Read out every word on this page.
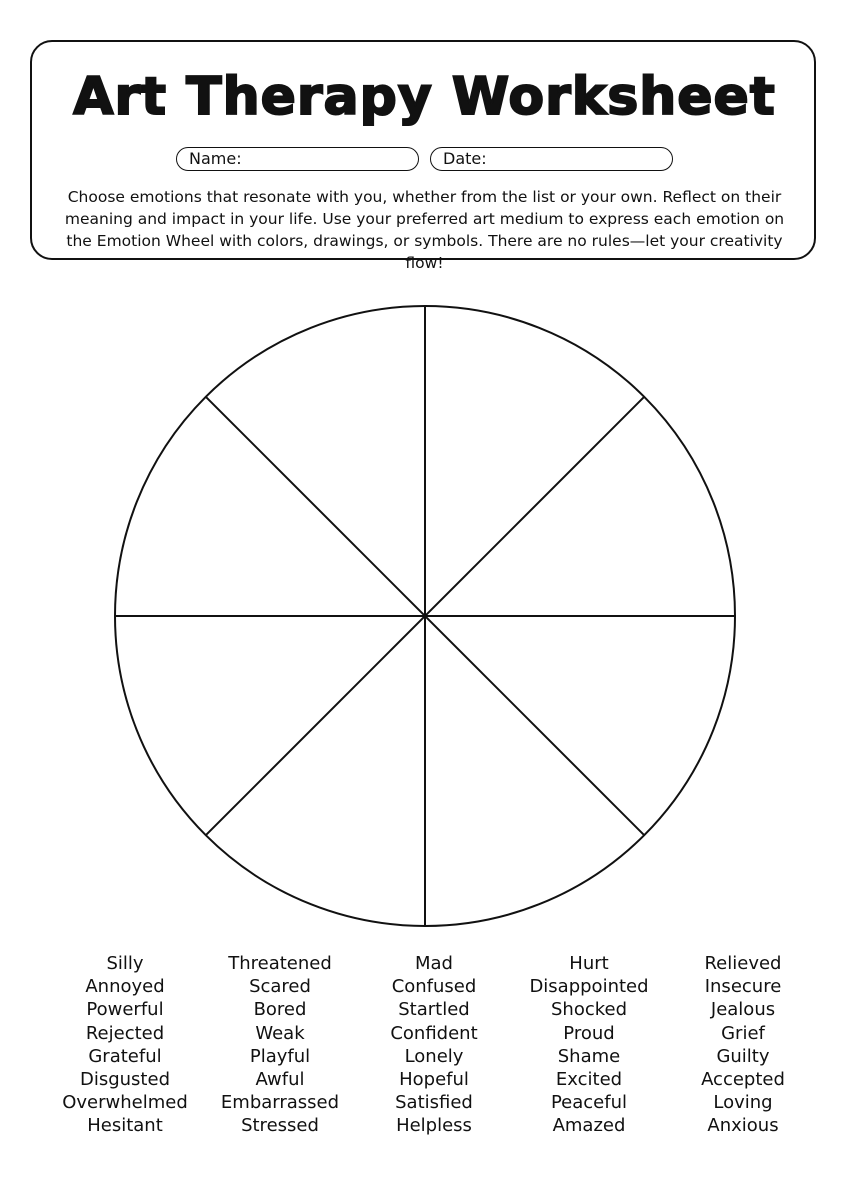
Art Therapy Worksheet
Name:	Date:

Choose emotions that resonate with you, whether from the list or your own. Reflect on their meaning and impact in your life. Use your preferred art medium to express each emotion on the Emotion Wheel with colors, drawings, or symbols. There are no rules—let your creativity flow!

Silly
Annoyed
Powerful
Rejected
Grateful
Disgusted
Overwhelmed
Hesitant
Threatened
Scared
Bored
Weak
Playful
Awful
Embarrassed
Stressed
Mad
Confused
Startled
Confident
Lonely
Hopeful
Satisfied
Helpless
Hurt
Disappointed
Shocked
Proud
Shame
Excited
Peaceful
Amazed
Relieved
Insecure
Jealous
Grief
Guilty
Accepted
Loving
Anxious
